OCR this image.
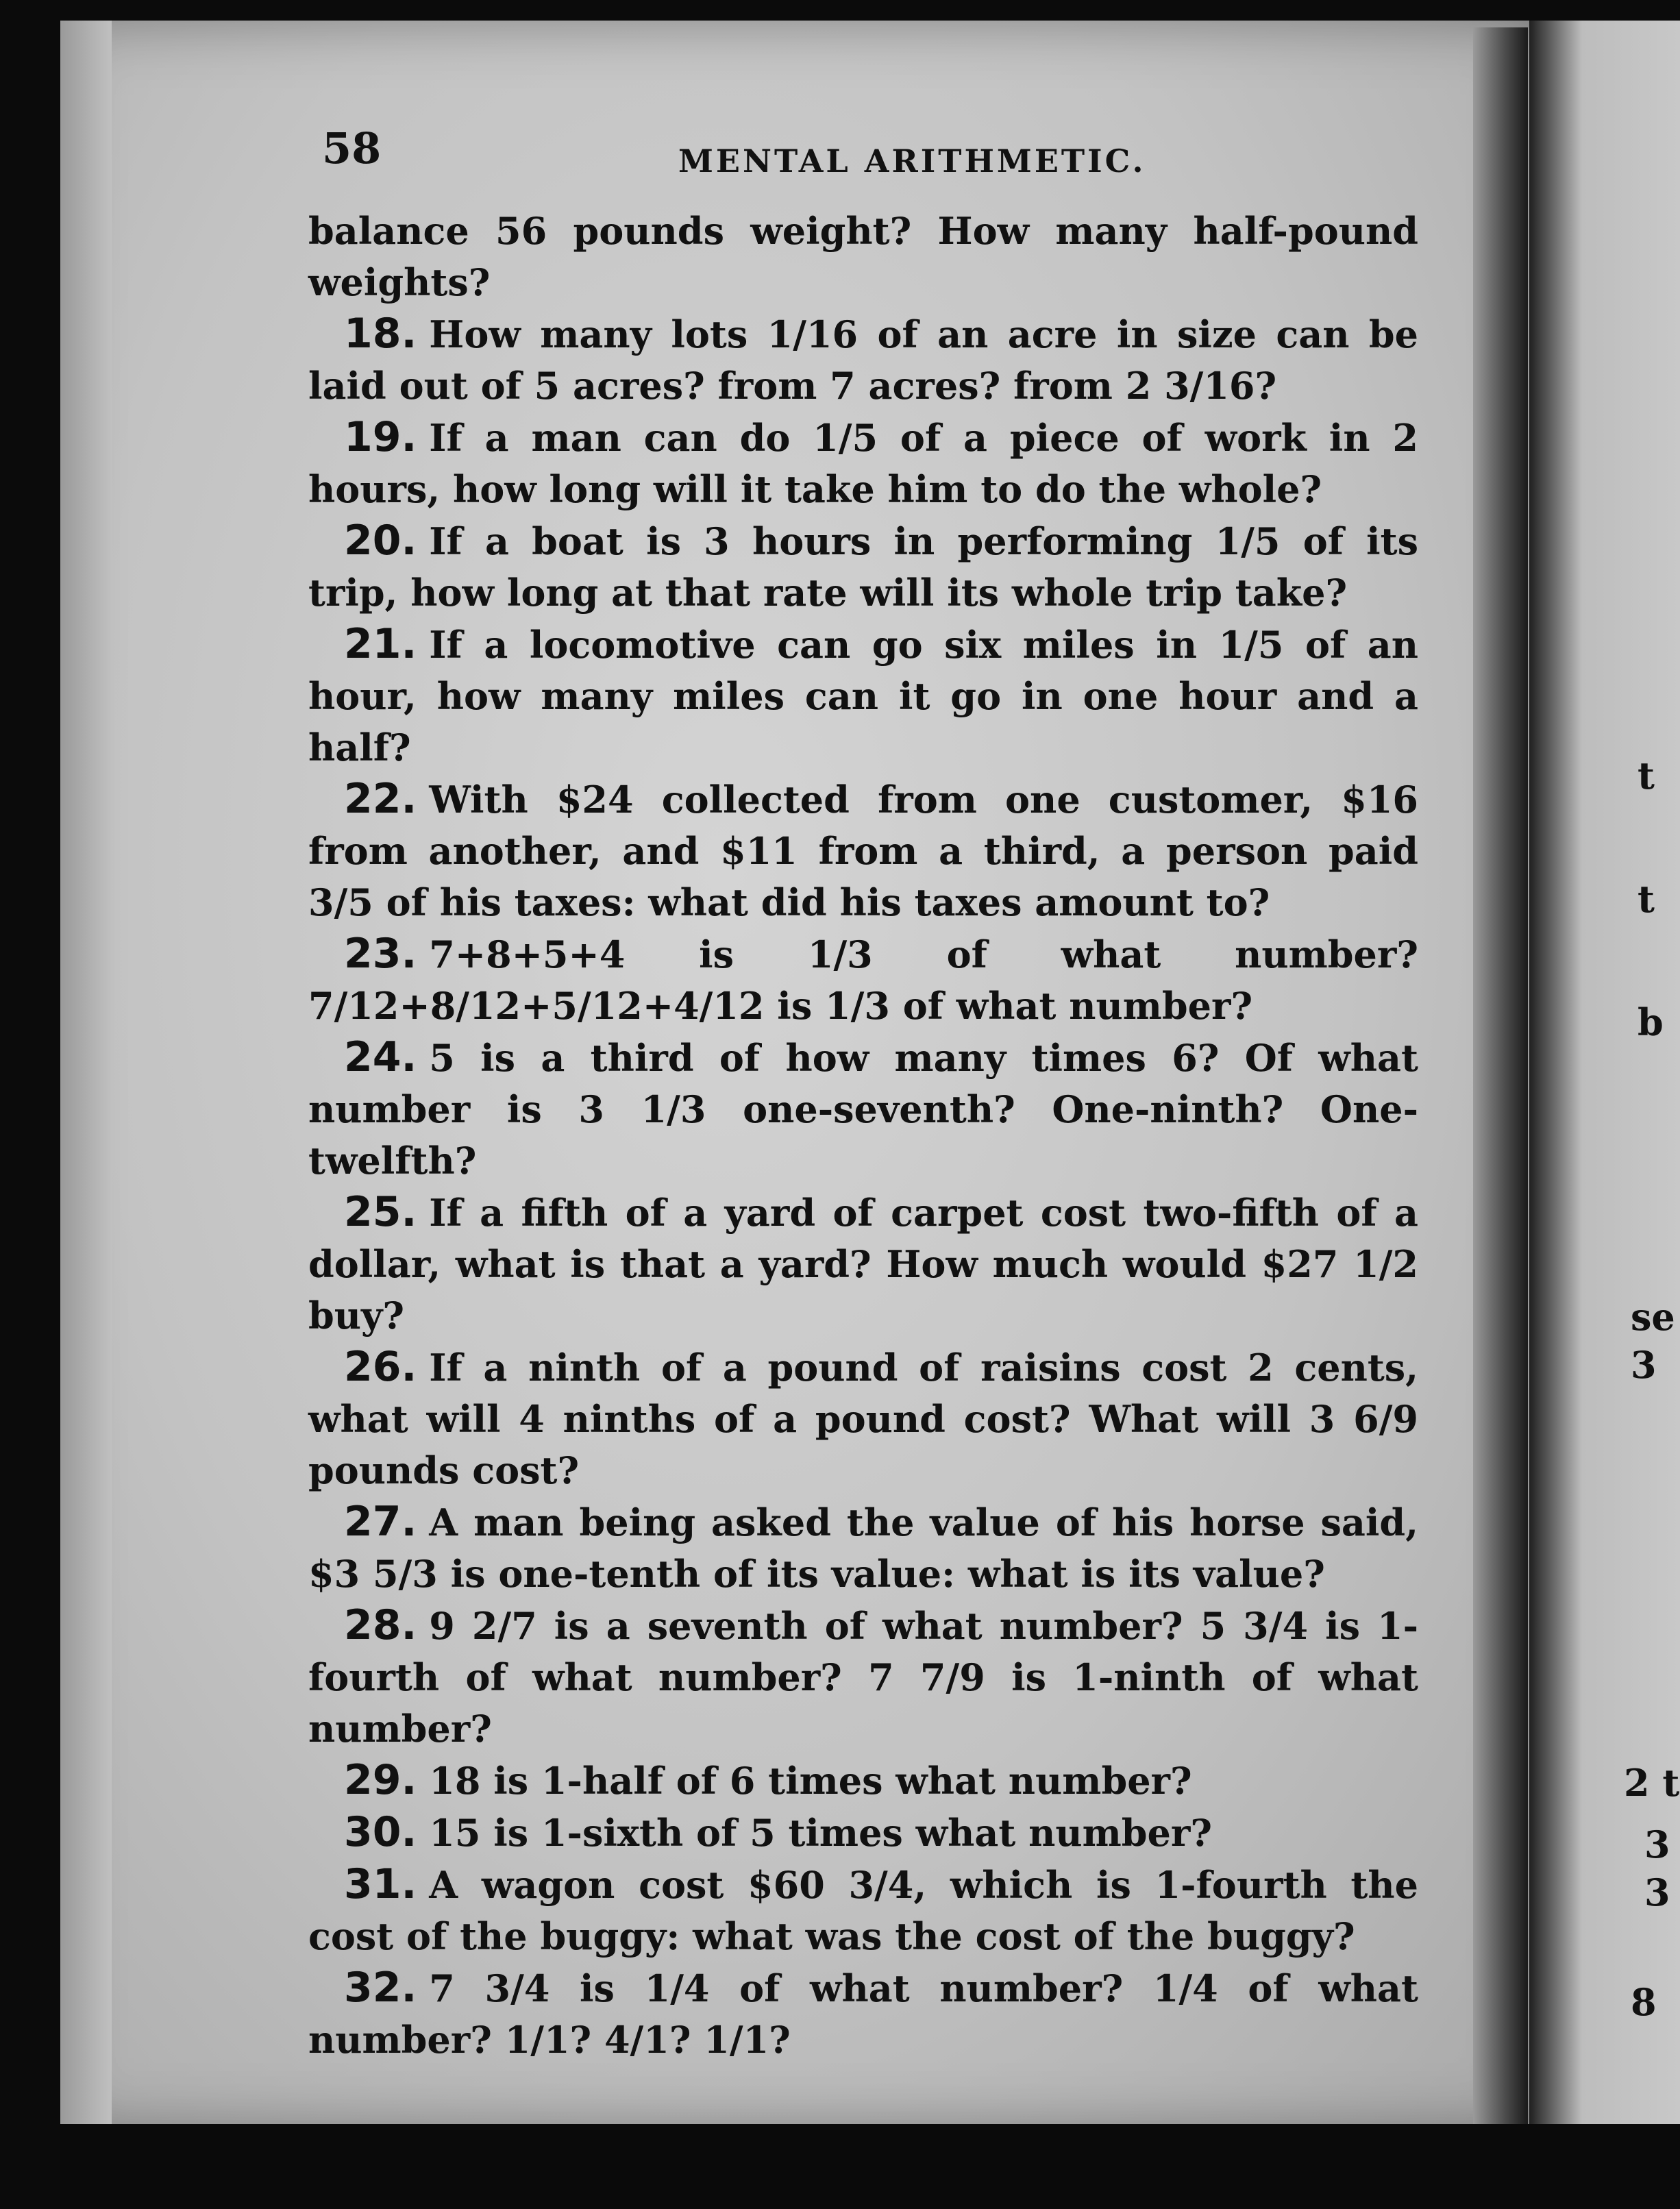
58	MENTAL ARITHMETIC.

balance 56 pounds weight? How many half-pound weights?

18. How many lots 1/16 of an acre in size can be laid out of 5 acres? from 7 acres? from 2 3/16?

19. If a man can do 1/5 of a piece of work in 2 hours, how long will it take him to do the whole?

20. If a boat is 3 hours in performing 1/5 of its trip, how long at that rate will its whole trip take?

21. If a locomotive can go six miles in 1/5 of an hour, how many miles can it go in one hour and a half?

22. With $24 collected from one customer, $16 from another, and $11 from a third, a person paid 3/5 of his taxes: what did his taxes amount to?

23. 7+8+5+4 is 1/3 of what number? 7/12+8/12+5/12+4/12 is 1/3 of what number?

24. 5 is a third of how many times 6? Of what number is 3 1/3 one-seventh? One-ninth? One-twelfth?

25. If a fifth of a yard of carpet cost two-fifth of a dollar, what is that a yard? How much would $27 1/2 buy?

26. If a ninth of a pound of raisins cost 2 cents, what will 4 ninths of a pound cost? What will 3 6/9 pounds cost?

27. A man being asked the value of his horse said, $3 5/3 is one-tenth of its value: what is its value?

28. 9 2/7 is a seventh of what number? 5 3/4 is 1-fourth of what number? 7 7/9 is 1-ninth of what number?

29. 18 is 1-half of 6 times what number?

30. 15 is 1-sixth of 5 times what number?

31. A wagon cost $60 3/4, which is 1-fourth the cost of the buggy: what was the cost of the buggy?

32. 7 3/4 is 1/4 of what number? 1/4 of what number? 1/1? 4/1? 1/1?

t
t
b
se
3
2 t
3
3
8
